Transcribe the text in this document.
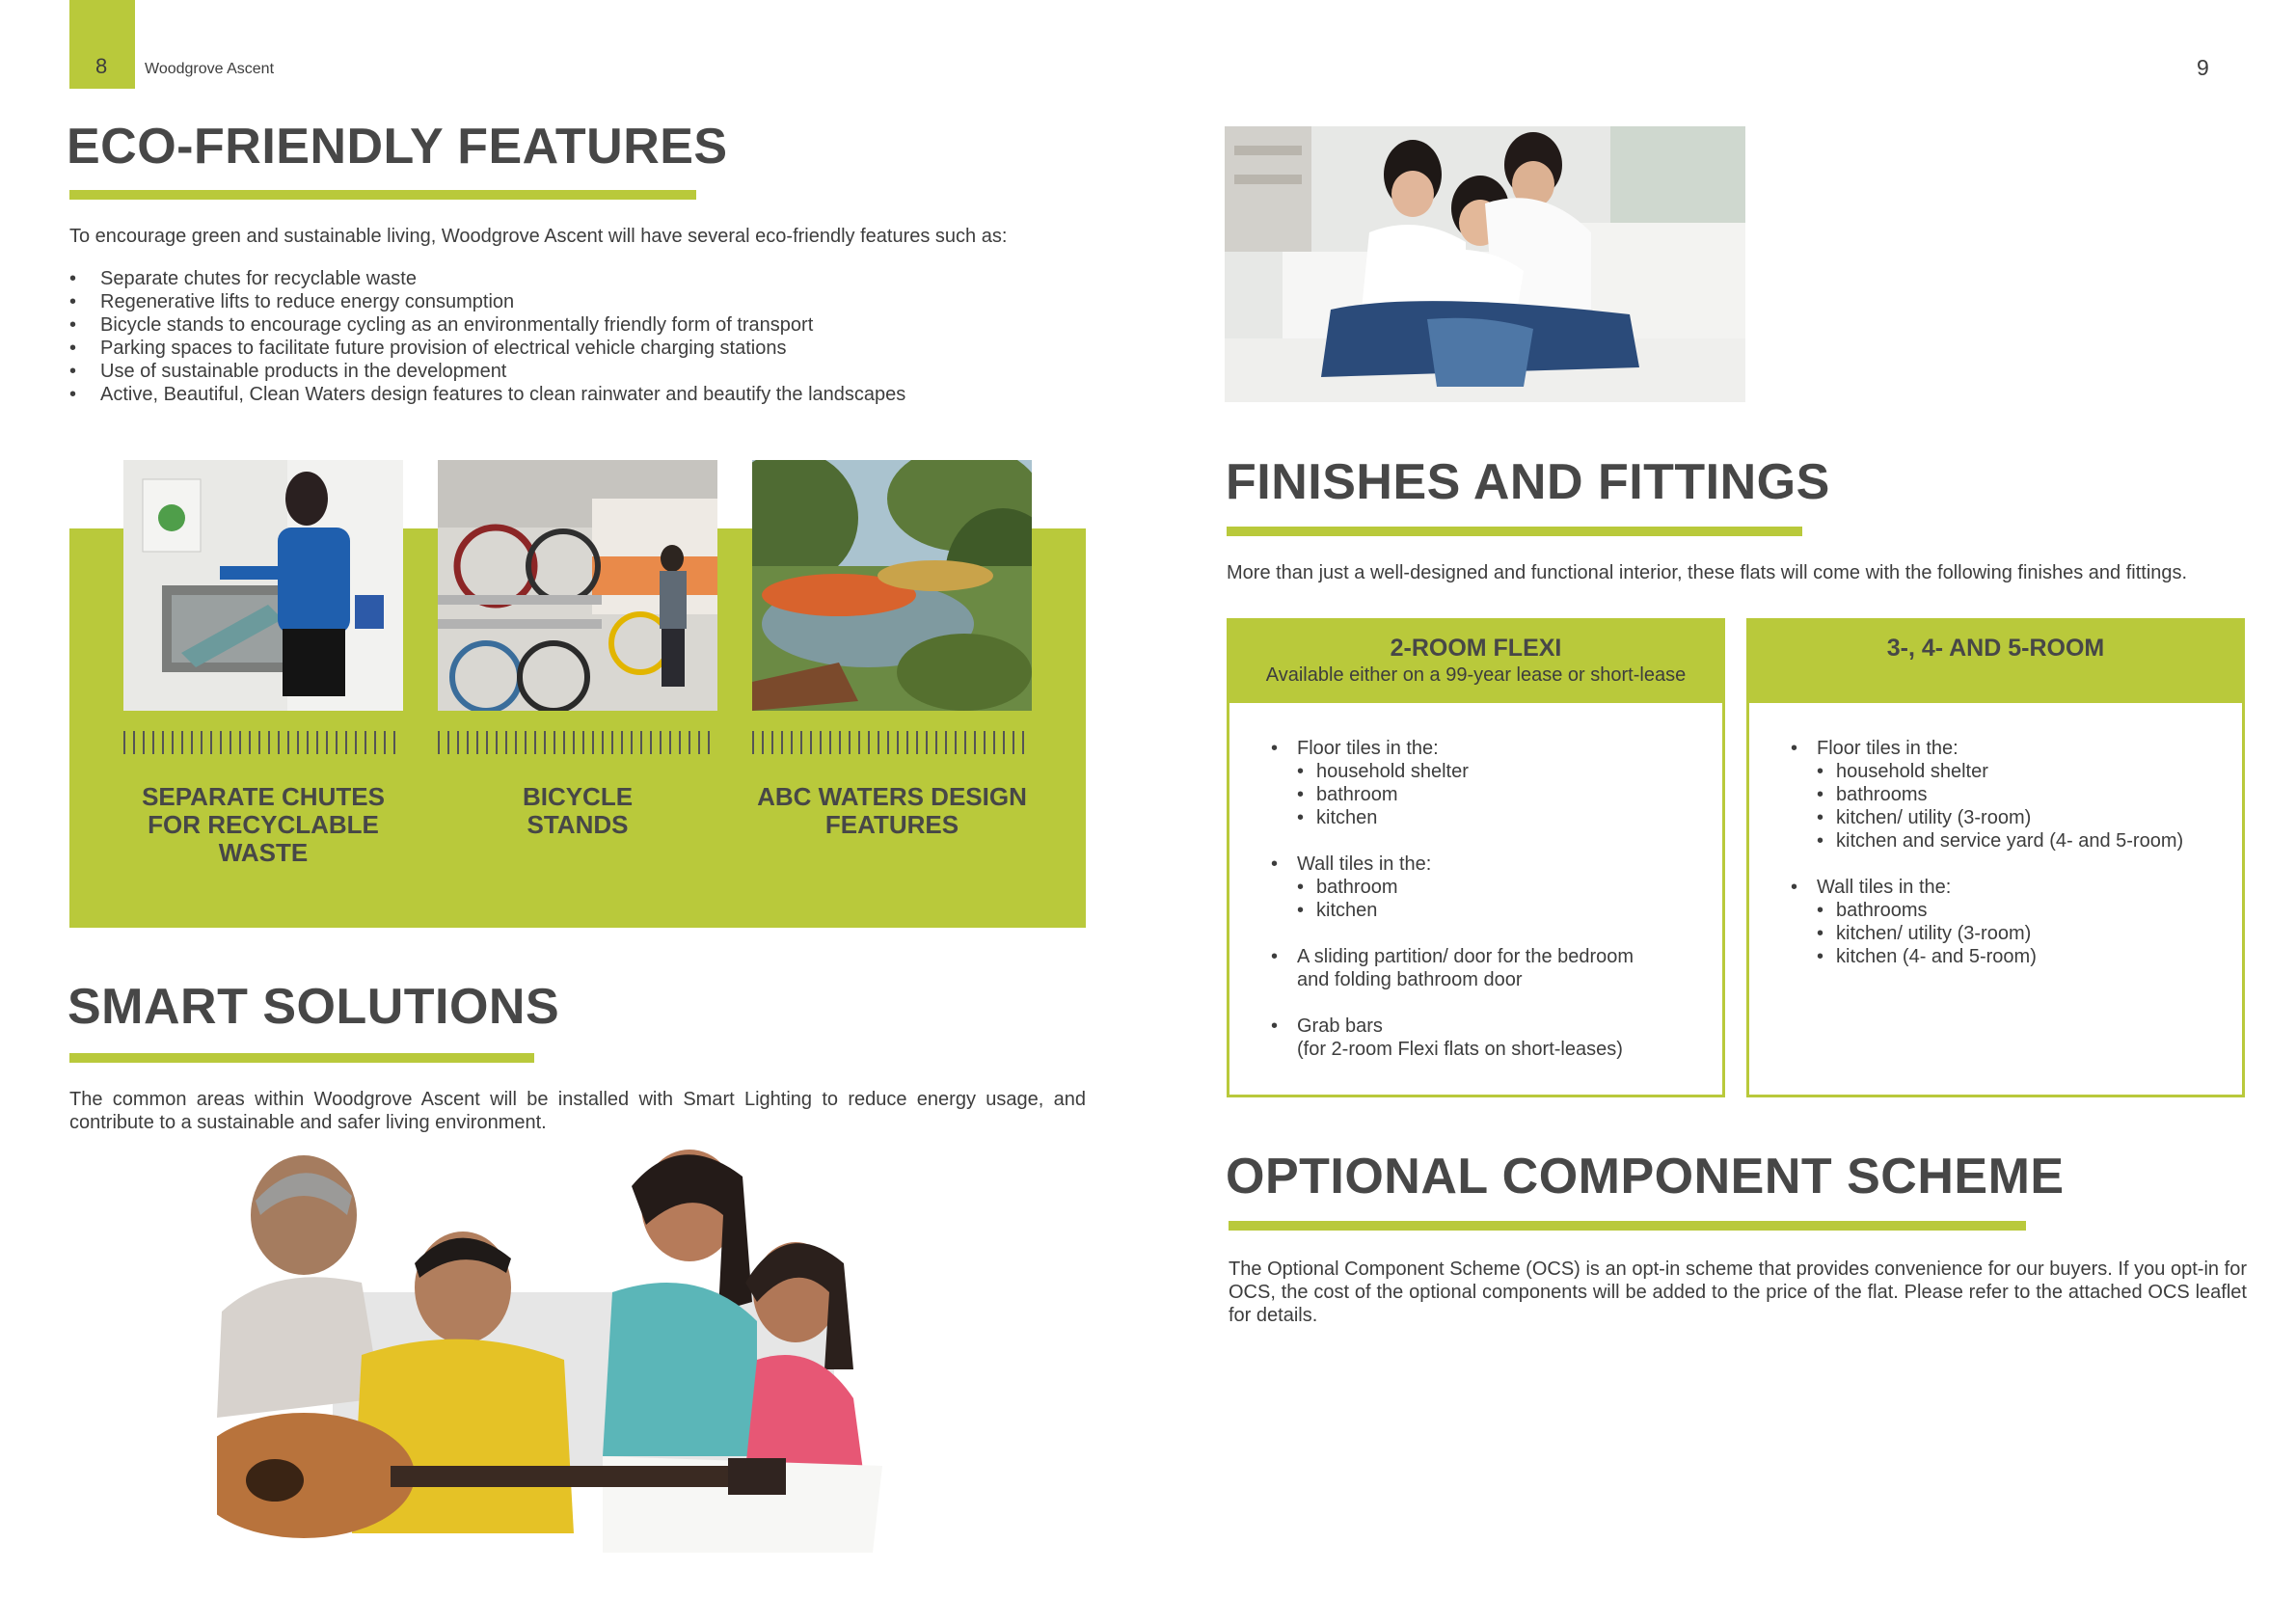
8 Woodgrove Ascent	9
ECO-FRIENDLY FEATURES
To encourage green and sustainable living, Woodgrove Ascent will have several eco-friendly features such as:
• Separate chutes for recyclable waste
• Regenerative lifts to reduce energy consumption
• Bicycle stands to encourage cycling as an environmentally friendly form of transport
• Parking spaces to facilitate future provision of electrical vehicle charging stations
• Use of sustainable products in the development
• Active, Beautiful, Clean Waters design features to clean rainwater and beautify the landscapes
SEPARATE CHUTES
FOR RECYCLABLE
WASTE
BICYCLE
STANDS
ABC WATERS DESIGN
FEATURES
SMART SOLUTIONS
The common areas within Woodgrove Ascent will be installed with Smart Lighting to reduce energy usage, and contribute to a sustainable and safer living environment.
FINISHES AND FITTINGS
More than just a well-designed and functional interior, these flats will come with the following finishes and fittings.
2-ROOM FLEXI
Available either on a 99-year lease or short-lease
• Floor tiles in the:
• household shelter
• bathroom
• kitchen
• Wall tiles in the:
• bathroom
• kitchen
• A sliding partition/ door for the bedroom
and folding bathroom door
• Grab bars
(for 2-room Flexi flats on short-leases)
3-, 4- AND 5-ROOM
• Floor tiles in the:
• household shelter
• bathrooms
• kitchen/ utility (3-room)
• kitchen and service yard (4- and 5-room)
• Wall tiles in the:
• bathrooms
• kitchen/ utility (3-room)
• kitchen (4- and 5-room)
OPTIONAL COMPONENT SCHEME
The Optional Component Scheme (OCS) is an opt-in scheme that provides convenience for our buyers. If you opt-in for OCS, the cost of the optional components will be added to the price of the flat. Please refer to the attached OCS leaflet for details.
